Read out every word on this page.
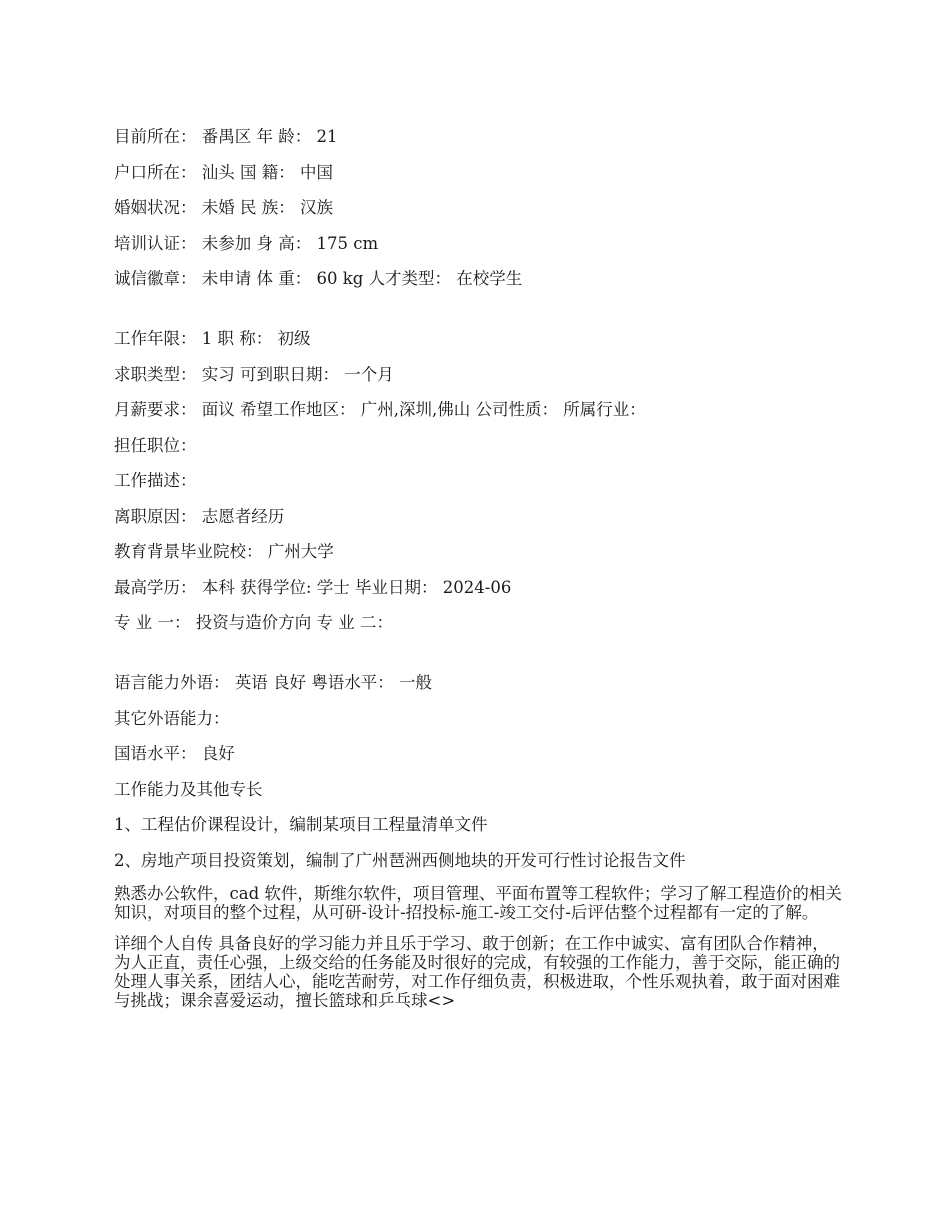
目前所在： 番禺区 年 龄： 21
户口所在： 汕头 国 籍： 中国
婚姻状况： 未婚 民 族： 汉族
培训认证： 未参加 身 高： 175 cm
诚信徽章： 未申请 体 重： 60 kg 人才类型： 在校学生
工作年限： 1 职 称： 初级
求职类型： 实习 可到职日期： 一个月
月薪要求： 面议 希望工作地区： 广州,深圳,佛山 公司性质： 所属行业：
担任职位：
工作描述：
离职原因： 志愿者经历
教育背景毕业院校： 广州大学
最高学历： 本科 获得学位: 学士 毕业日期： 2024-06
专 业 一： 投资与造价方向 专 业 二：
语言能力外语： 英语 良好 粤语水平： 一般
其它外语能力：
国语水平： 良好
工作能力及其他专长
1、工程估价课程设计，编制某项目工程量清单文件
2、房地产项目投资策划，编制了广州琶洲西侧地块的开发可行性讨论报告文件
熟悉办公软件，cad 软件，斯维尔软件，项目管理、平面布置等工程软件；学习了解工程造价的相关知识，对项目的整个过程，从可研-设计-招投标-施工-竣工交付-后评估整个过程都有一定的了解。
详细个人自传 具备良好的学习能力并且乐于学习、敢于创新；在工作中诚实、富有团队合作精神，为人正直，责任心强，上级交给的任务能及时很好的完成，有较强的工作能力，善于交际，能正确的处理人事关系，团结人心，能吃苦耐劳，对工作仔细负责，积极进取，个性乐观执着，敢于面对困难与挑战；课余喜爱运动，擅长篮球和乒乓球<>
